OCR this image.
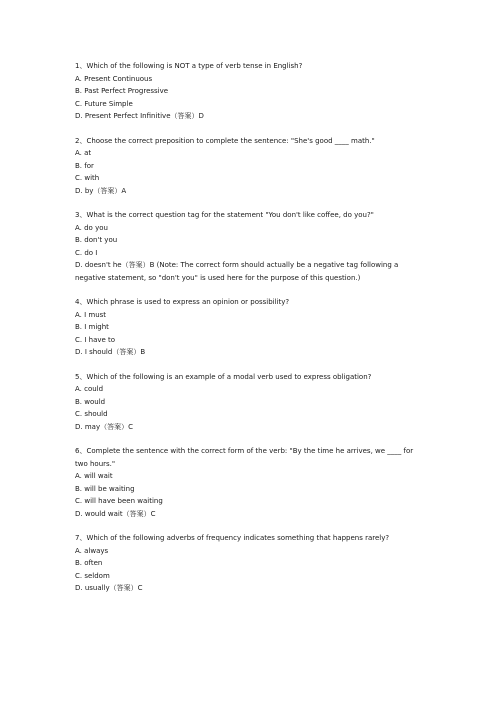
1、Which of the following is NOT a type of verb tense in English?
A. Present Continuous
B. Past Perfect Progressive
C. Future Simple
D. Present Perfect Infinitive（答案）D
2、Choose the correct preposition to complete the sentence: "She's good ____ math."
A. at
B. for
C. with
D. by（答案）A
3、What is the correct question tag for the statement "You don't like coffee, do you?"
A. do you
B. don't you
C. do I
D. doesn't he（答案）B (Note: The correct form should actually be a negative tag following a negative statement, so "don't you" is used here for the purpose of this question.)
4、Which phrase is used to express an opinion or possibility?
A. I must
B. I might
C. I have to
D. I should（答案）B
5、Which of the following is an example of a modal verb used to express obligation?
A. could
B. would
C. should
D. may（答案）C
6、Complete the sentence with the correct form of the verb: "By the time he arrives, we ____ for two hours."
A. will wait
B. will be waiting
C. will have been waiting
D. would wait（答案）C
7、Which of the following adverbs of frequency indicates something that happens rarely?
A. always
B. often
C. seldom
D. usually（答案）C
